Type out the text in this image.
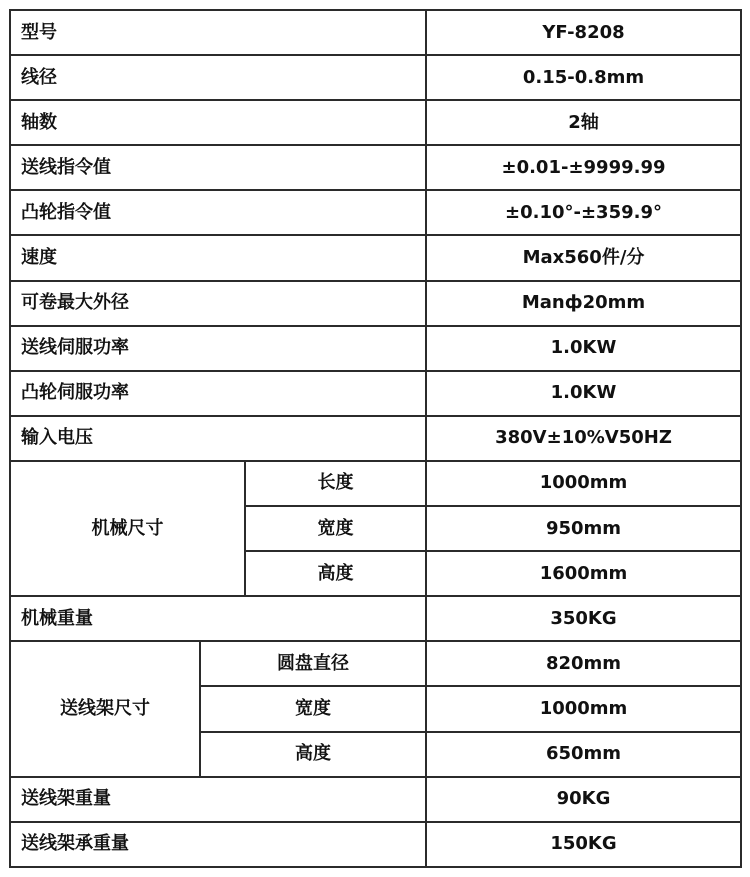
型号			YF-8208
线径			0.15-0.8mm
轴数			2轴
送线指令值			±0.01-±9999.99
凸轮指令值			±0.10°-±359.9°
速度			Max560件/分
可卷最大外径			Manф20mm
送线伺服功率			1.0KW
凸轮伺服功率			1.0KW
输入电压			380V±10%V50HZ
机械尺寸		长度	1000mm
		宽度	950mm
		高度	1600mm
机械重量			350KG
送线架尺寸	圆盘直径		820mm
	宽度		1000mm
	高度		650mm
送线架重量			90KG
送线架承重量			150KG
